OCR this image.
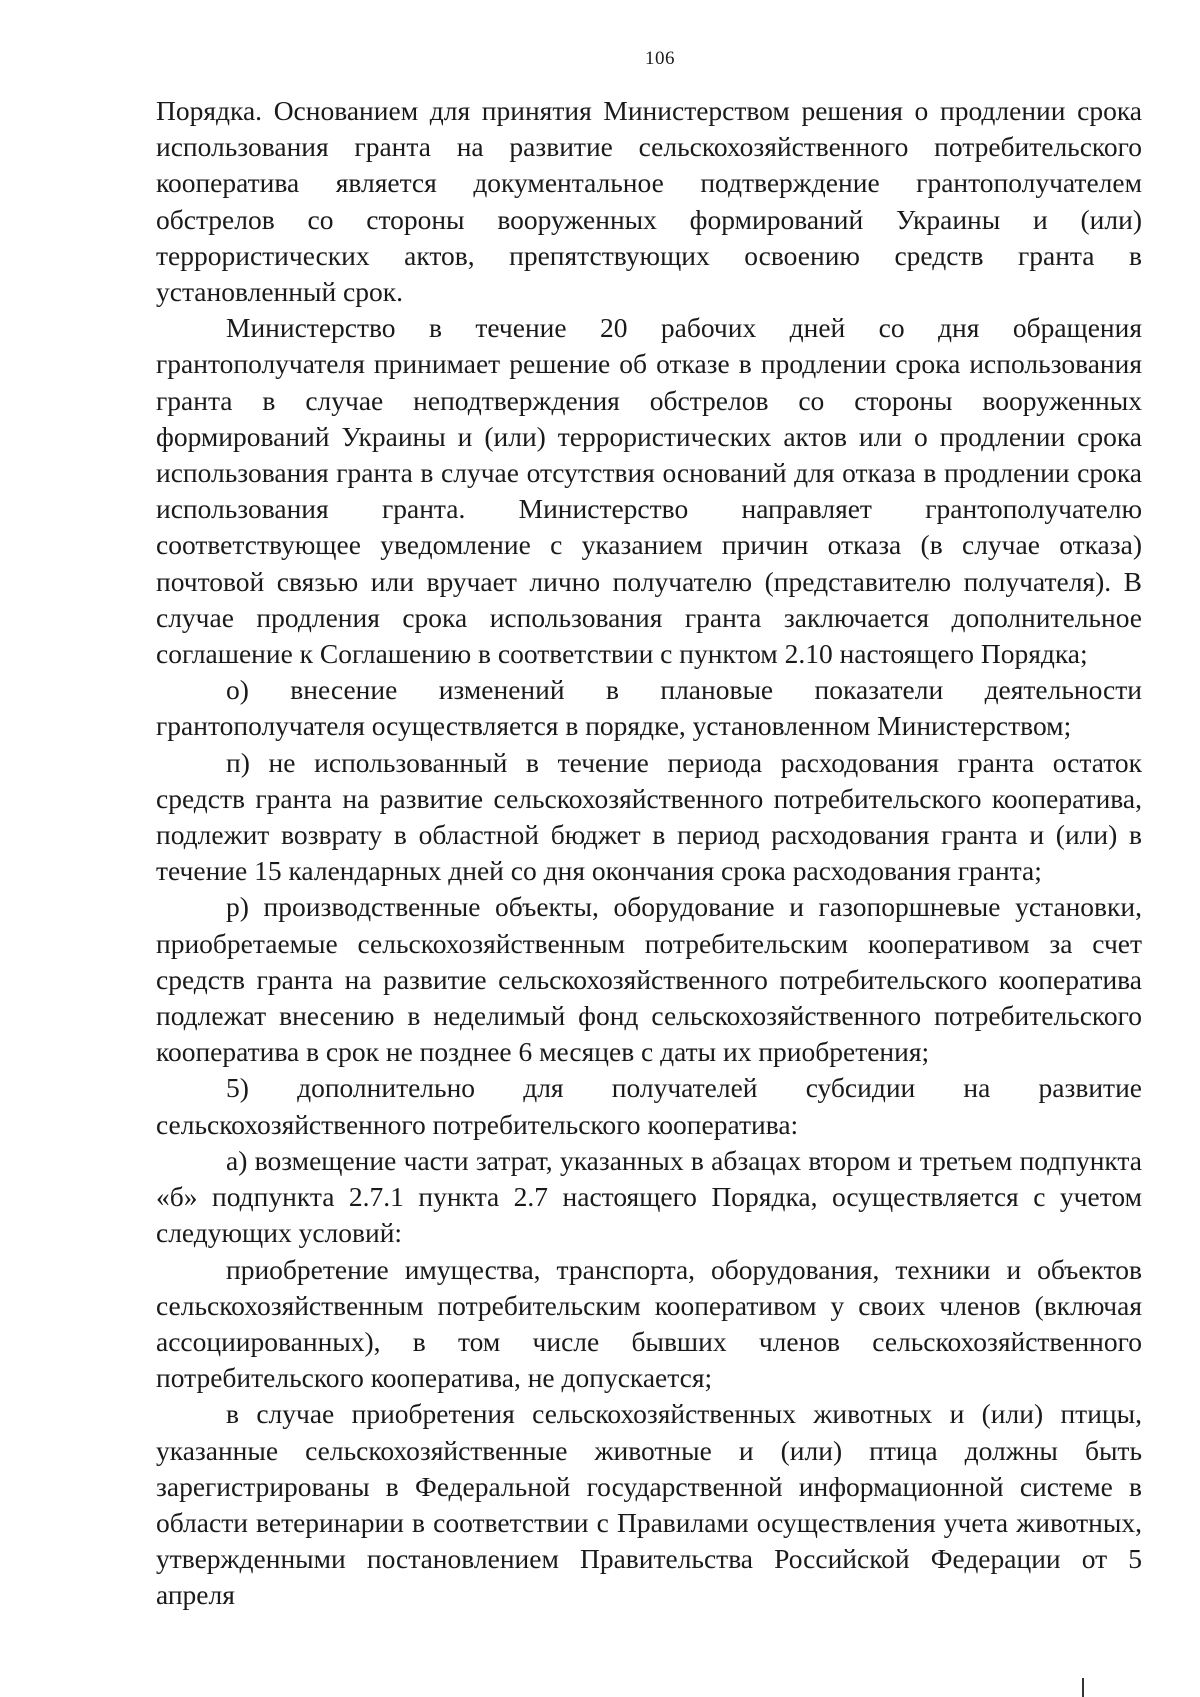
106

Порядка. Основанием для принятия Министерством решения о продлении срока использования гранта на развитие сельскохозяйственного потребительского кооператива является документальное подтверждение грантополучателем обстрелов со стороны вооруженных формирований Украины и (или) террористических актов, препятствующих освоению средств гранта в установленный срок.

Министерство в течение 20 рабочих дней со дня обращения грантополучателя принимает решение об отказе в продлении срока использования гранта в случае неподтверждения обстрелов со стороны вооруженных формирований Украины и (или) террористических актов или о продлении срока использования гранта в случае отсутствия оснований для отказа в продлении срока использования гранта. Министерство направляет грантополучателю соответствующее уведомление с указанием причин отказа (в случае отказа) почтовой связью или вручает лично получателю (представителю получателя). В случае продления срока использования гранта заключается дополнительное соглашение к Соглашению в соответствии с пунктом 2.10 настоящего Порядка;

о) внесение изменений в плановые показатели деятельности грантополучателя осуществляется в порядке, установленном Министерством;

п) не использованный в течение периода расходования гранта остаток средств гранта на развитие сельскохозяйственного потребительского кооператива, подлежит возврату в областной бюджет в период расходования гранта и (или) в течение 15 календарных дней со дня окончания срока расходования гранта;

р) производственные объекты, оборудование и газопоршневые установки, приобретаемые сельскохозяйственным потребительским кооперативом за счет средств гранта на развитие сельскохозяйственного потребительского кооператива подлежат внесению в неделимый фонд сельскохозяйственного потребительского кооператива в срок не позднее 6 месяцев с даты их приобретения;

5) дополнительно для получателей субсидии на развитие сельскохозяйственного потребительского кооператива:

а) возмещение части затрат, указанных в абзацах втором и третьем подпункта «б» подпункта 2.7.1 пункта 2.7 настоящего Порядка, осуществляется с учетом следующих условий:

приобретение имущества, транспорта, оборудования, техники и объектов сельскохозяйственным потребительским кооперативом у своих членов (включая ассоциированных), в том числе бывших членов сельскохозяйственного потребительского кооператива, не допускается;

в случае приобретения сельскохозяйственных животных и (или) птицы, указанные сельскохозяйственные животные и (или) птица должны быть зарегистрированы в Федеральной государственной информационной системе в области ветеринарии в соответствии с Правилами осуществления учета животных, утвержденными постановлением Правительства Российской Федерации от 5 апреля
